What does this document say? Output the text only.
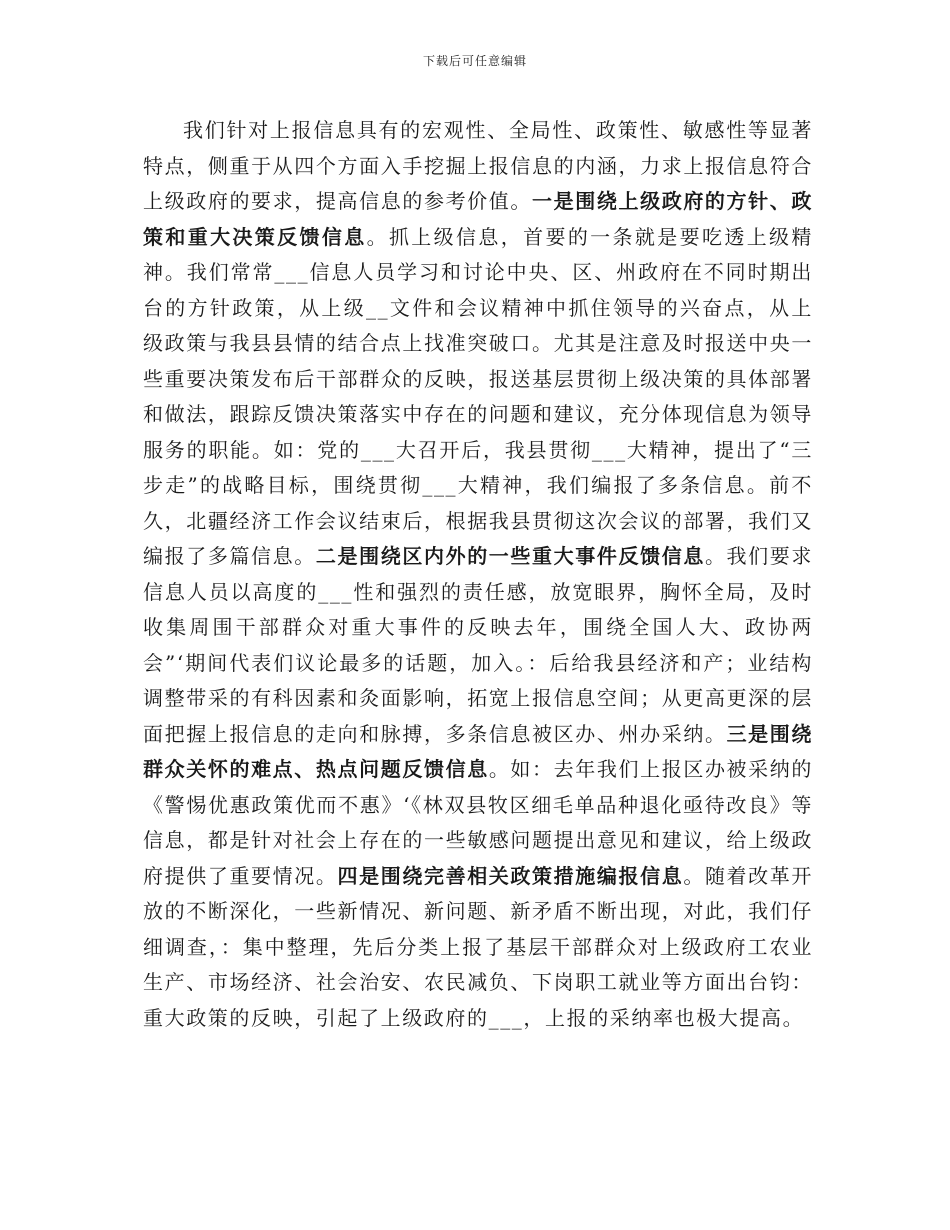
下载后可任意编辑

我们针对上报信息具有的宏观性、全局性、政策性、敏感性等显著特点，侧重于从四个方面入手挖掘上报信息的内涵，力求上报信息符合上级政府的要求，提高信息的参考价值。一是围绕上级政府的方针、政策和重大决策反馈信息。抓上级信息，首要的一条就是要吃透上级精神。我们常常___信息人员学习和讨论中央、区、州政府在不同时期出台的方针政策，从上级__文件和会议精神中抓住领导的兴奋点，从上级政策与我县县情的结合点上找准突破口。尤其是注意及时报送中央一些重要决策发布后干部群众的反映，报送基层贯彻上级决策的具体部署和做法，跟踪反馈决策落实中存在的问题和建议，充分体现信息为领导服务的职能。如：党的___大召开后，我县贯彻___大精神，提出了“三步走”的战略目标，围绕贯彻___大精神，我们编报了多条信息。前不久，北疆经济工作会议结束后，根据我县贯彻这次会议的部署，我们又编报了多篇信息。二是围绕区内外的一些重大事件反馈信息。我们要求信息人员以高度的___性和强烈的责任感，放宽眼界，胸怀全局，及时收集周围干部群众对重大事件的反映去年，围绕全国人大、政协两会”‘期间代表们议论最多的话题，加入。：后给我县经济和产；业结构调整带采的有科因素和灸面影响，拓宽上报信息空间；从更高更深的层面把握上报信息的走向和脉搏，多条信息被区办、州办采纳。三是围绕群众关怀的难点、热点问题反馈信息。如：去年我们上报区办被采纳的《警惕优惠政策优而不惠》‘《林双县牧区细毛单品种退化亟待改良》等信息，都是针对社会上存在的一些敏感问题提出意见和建议，给上级政府提供了重要情况。四是围绕完善相关政策措施编报信息。随着改革开放的不断深化，一些新情况、新问题、新矛盾不断出现，对此，我们仔细调查，：集中整理，先后分类上报了基层干部群众对上级政府工农业生产、市场经济、社会治安、农民减负、下岗职工就业等方面出台钧：重大政策的反映，引起了上级政府的___，上报的采纳率也极大提高。
